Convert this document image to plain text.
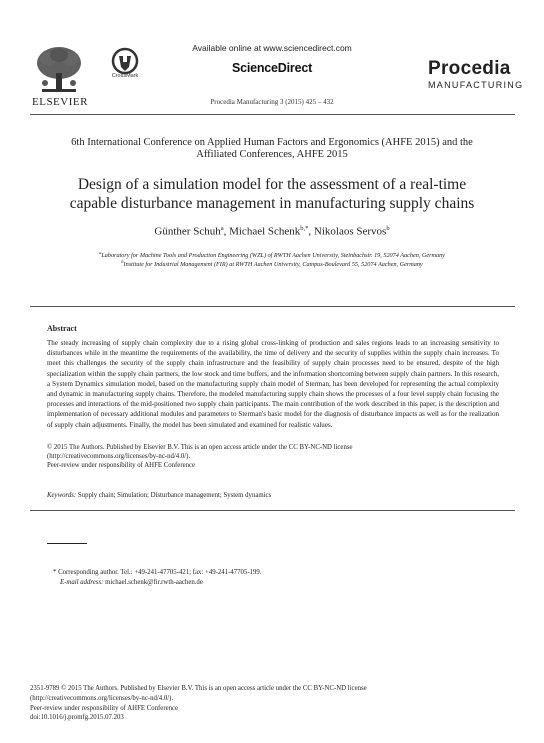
Available online at www.sciencedirect.com
ScienceDirect
Procedia Manufacturing 3 (2015) 425 – 432
ELSEVIER
CrossMark	Procedia
MANUFACTURING
6th International Conference on Applied Human Factors and Ergonomics (AHFE 2015) and the
Affiliated Conferences, AHFE 2015
Design of a simulation model for the assessment of a real-time
capable disturbance management in manufacturing supply chains
Günther Schuh$^a$, Michael Schenk$^{b,*}$, Nikolaos Servos$^b$
$^a$Laboratory for Machine Tools and Production Engineering (WZL) of RWTH Aachen University, Steinbachstr. 19, 52074 Aachen, Germany
$^b$Institute for Industrial Management (FIR) at RWTH Aachen University, Campus-Boulevard 55, 52074 Aachen, Germany
Abstract
The steady increasing of supply chain complexity due to a rising global cross-linking of production and sales regions leads to an increasing sensitivity to disturbances while in the meantime the requirements of the availability, the time of delivery and the security of supplies within the supply chain increases. To meet this challenges the security of the supply chain infrastructure and the feasibility of supply chain processes need to be ensured, despite of the high specialization within the supply chain partners, the low stock and time buffers, and the information shortcoming between supply chain partners. In this research, a System Dynamics simulation model, based on the manufacturing supply chain model of Sterman, has been developed for representing the actual complexity and dynamic in manufacturing supply chains. Therefore, the modeled manufacturing supply chain shows the processes of a four level supply chain focusing the processes and interactions of the mid-positioned two supply chain participants. The main contribution of the work described in this paper, is the description and implementation of necessary additional modules and parameters to Sterman's basic model for the diagnosis of disturbance impacts as well as for the realization of supply chain adjustments. Finally, the model has been simulated and examined for realistic values.
© 2015 The Authors. Published by Elsevier B.V. This is an open access article under the CC BY-NC-ND license
(http://creativecommons.org/licenses/by-nc-nd/4.0/).
Peer-review under responsibility of AHFE Conference
Keywords: Supply chain; Simulation; Disturbance management; System dynamics
* Corresponding author. Tel.: +49-241-47705-421; fax: +49-241-47705-199.
E-mail address: michael.schenk@fir.rwth-aachen.de
2351-9789 © 2015 The Authors. Published by Elsevier B.V. This is an open access article under the CC BY-NC-ND license
(http://creativecommons.org/licenses/by-nc-nd/4.0/).
Peer-review under responsibility of AHFE Conference
doi:10.1016/j.promfg.2015.07.203
